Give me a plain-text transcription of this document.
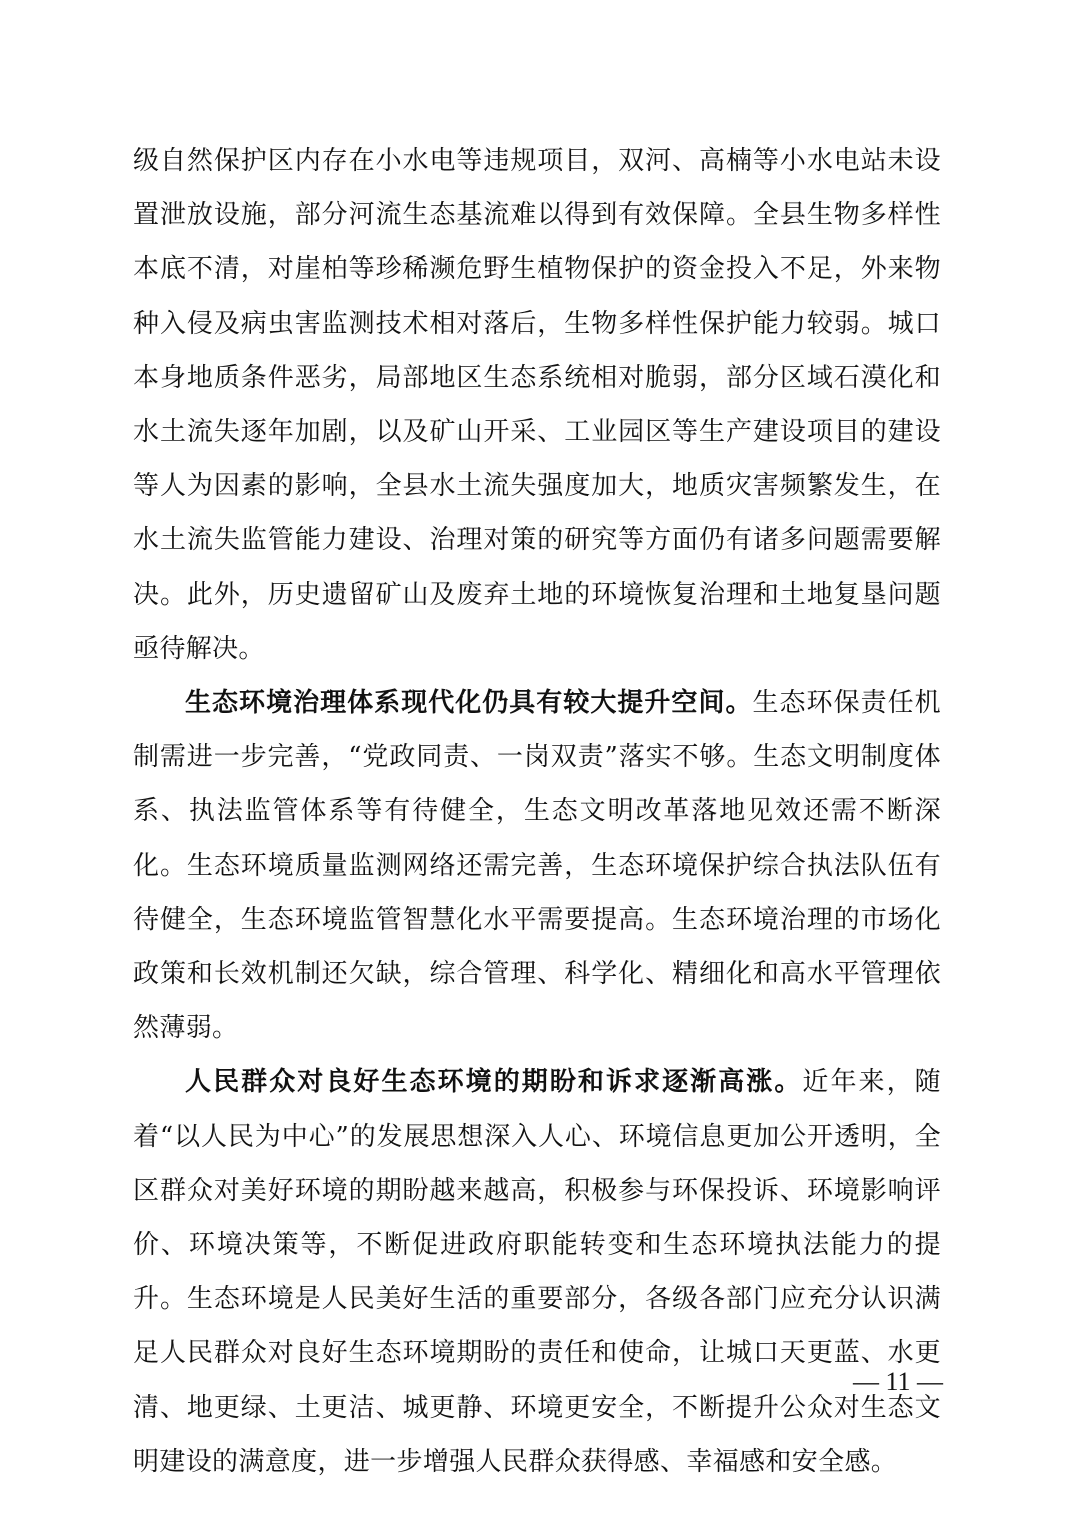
级自然保护区内存在小水电等违规项目，双河、高楠等小水电站未设置泄放设施，部分河流生态基流难以得到有效保障。全县生物多样性本底不清，对崖柏等珍稀濒危野生植物保护的资金投入不足，外来物种入侵及病虫害监测技术相对落后，生物多样性保护能力较弱。城口本身地质条件恶劣，局部地区生态系统相对脆弱，部分区域石漠化和水土流失逐年加剧，以及矿山开采、工业园区等生产建设项目的建设等人为因素的影响，全县水土流失强度加大，地质灾害频繁发生，在水土流失监管能力建设、治理对策的研究等方面仍有诸多问题需要解决。此外，历史遗留矿山及废弃土地的环境恢复治理和土地复垦问题亟待解决。

生态环境治理体系现代化仍具有较大提升空间。生态环保责任机制需进一步完善，“党政同责、一岗双责”落实不够。生态文明制度体系、执法监管体系等有待健全，生态文明改革落地见效还需不断深化。生态环境质量监测网络还需完善，生态环境保护综合执法队伍有待健全，生态环境监管智慧化水平需要提高。生态环境治理的市场化政策和长效机制还欠缺，综合管理、科学化、精细化和高水平管理依然薄弱。

人民群众对良好生态环境的期盼和诉求逐渐高涨。近年来，随着“以人民为中心”的发展思想深入人心、环境信息更加公开透明，全区群众对美好环境的期盼越来越高，积极参与环保投诉、环境影响评价、环境决策等，不断促进政府职能转变和生态环境执法能力的提升。生态环境是人民美好生活的重要部分，各级各部门应充分认识满足人民群众对良好生态环境期盼的责任和使命，让城口天更蓝、水更清、地更绿、土更洁、城更静、环境更安全，不断提升公众对生态文明建设的满意度，进一步增强人民群众获得感、幸福感和安全感。

— 11 —
